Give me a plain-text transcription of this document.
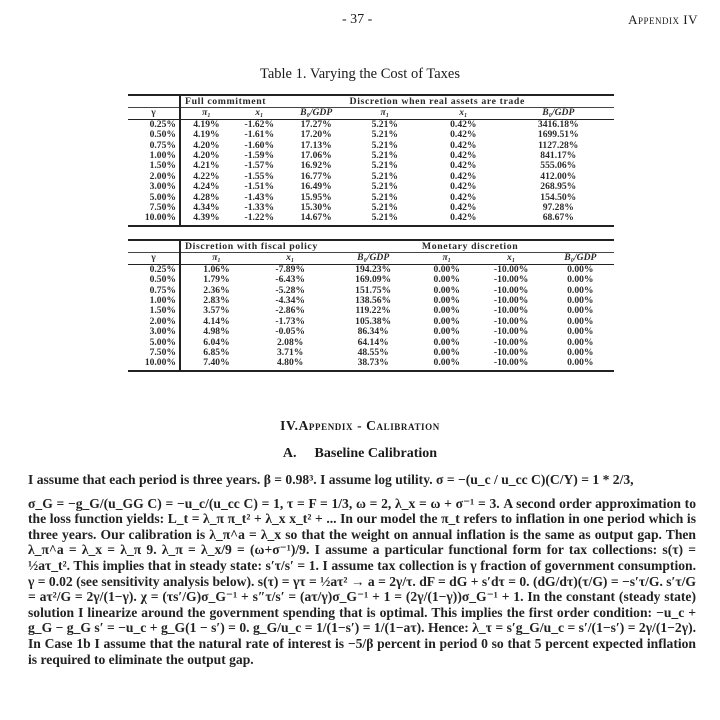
- 37 -	Appendix IV
Table 1. Varying the Cost of Taxes
	Full commitment			Discretion when real assets are trade		
γ	π₁	x₁	B₀/GDP	π₁	x₁	B₀/GDP
0.25%	4.19%	-1.62%	17.27%	5.21%	0.42%	3416.18%
0.50%	4.19%	-1.61%	17.20%	5.21%	0.42%	1699.51%
0.75%	4.20%	-1.60%	17.13%	5.21%	0.42%	1127.28%
1.00%	4.20%	-1.59%	17.06%	5.21%	0.42%	841.17%
1.50%	4.21%	-1.57%	16.92%	5.21%	0.42%	555.06%
2.00%	4.22%	-1.55%	16.77%	5.21%	0.42%	412.00%
3.00%	4.24%	-1.51%	16.49%	5.21%	0.42%	268.95%
5.00%	4.28%	-1.43%	15.95%	5.21%	0.42%	154.50%
7.50%	4.34%	-1.33%	15.30%	5.21%	0.42%	97.28%
10.00%	4.39%	-1.22%	14.67%	5.21%	0.42%	68.67%
	Discretion with fiscal policy			Monetary discretion		
γ	π₁	x₁	B₀/GDP	π₁	x₁	B₀/GDP
0.25%	1.06%	-7.89%	194.23%	0.00%	-10.00%	0.00%
0.50%	1.79%	-6.43%	169.09%	0.00%	-10.00%	0.00%
0.75%	2.36%	-5.28%	151.75%	0.00%	-10.00%	0.00%
1.00%	2.83%	-4.34%	138.56%	0.00%	-10.00%	0.00%
1.50%	3.57%	-2.86%	119.22%	0.00%	-10.00%	0.00%
2.00%	4.14%	-1.73%	105.38%	0.00%	-10.00%	0.00%
3.00%	4.98%	-0.05%	86.34%	0.00%	-10.00%	0.00%
5.00%	6.04%	2.08%	64.14%	0.00%	-10.00%	0.00%
7.50%	6.85%	3.71%	48.55%	0.00%	-10.00%	0.00%
10.00%	7.40%	4.80%	38.73%	0.00%	-10.00%	0.00%
IV.Appendix - Calibration
A. Baseline Calibration

I assume that each period is three years. β = 0.98³. I assume log utility. σ = −(u_c / u_cc C)(C/Y) = 1 * 2/3,

σ_G = −g_G/(u_GG C) = −u_c/(u_cc C) = 1, τ = F = 1/3, ω = 2, λ_x = ω + σ⁻¹ = 3. A second order approximation to the loss function yields: L_t = λ_π π_t² + λ_x x_t² + ... In our model the π_t refers to inflation in one period which is three years. Our calibration is λ_π^a = λ_x so that the weight on annual inflation is the same as output gap. Then λ_π^a = λ_x = λ_π 9. λ_π = λ_x/9 = (ω+σ⁻¹)/9. I assume a particular functional form for tax collections: s(τ) = ½aτ_t². This implies that in steady state: s′τ/s′ = 1. I assume tax collection is γ fraction of government consumption. γ = 0.02 (see sensitivity analysis below). s(τ) = γτ = ½aτ² → a = 2γ/τ. dF = dG + s′dτ = 0. (dG/dτ)(τ/G) = −s′τ/G. s′τ/G = aτ²/G = 2γ/(1−γ). χ = (τs′/G)σ_G⁻¹ + s″τ/s′ = (aτ/γ)σ_G⁻¹ + 1 = (2γ/(1−γ))σ_G⁻¹ + 1. In the constant (steady state) solution I linearize around the government spending that is optimal. This implies the first order condition: −u_c + g_G − g_G s′ = −u_c + g_G(1 − s′) = 0. g_G/u_c = 1/(1−s′) = 1/(1−aτ). Hence: λ_τ = s′g_G/u_c = s′/(1−s′) = 2γ/(1−2γ). In Case 1b I assume that the natural rate of interest is −5/β percent in period 0 so that 5 percent expected inflation is required to eliminate the output gap.
